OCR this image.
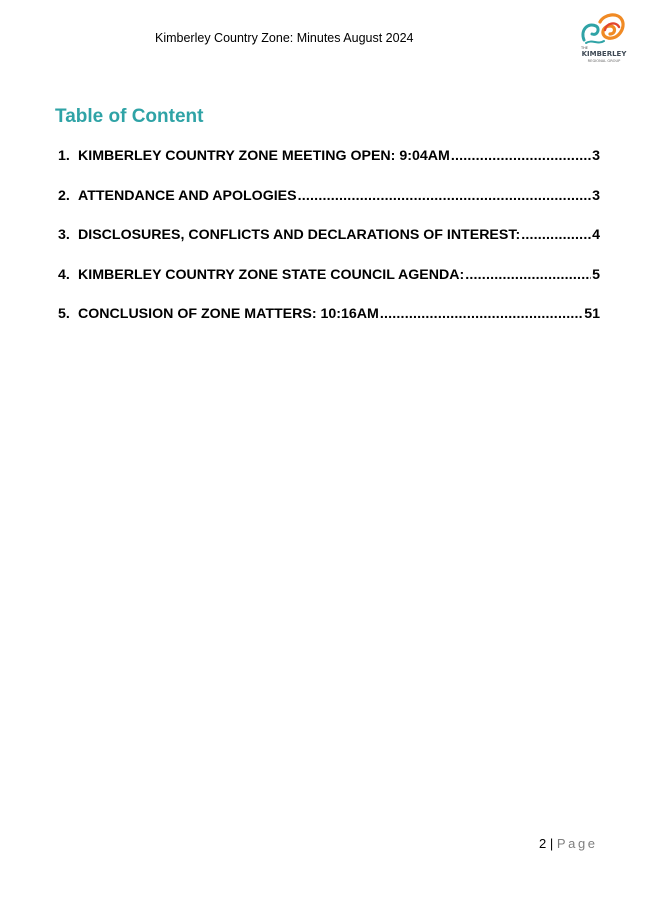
Kimberley Country Zone: Minutes August 2024
THE
KIMBERLEY
REGIONAL GROUP
Table of Content
1. KIMBERLEY COUNTRY ZONE MEETING OPEN: 9:04AM .....	3
2. ATTENDANCE AND APOLOGIES .....	3
3. DISCLOSURES, CONFLICTS AND DECLARATIONS OF INTEREST: .....	4
4. KIMBERLEY COUNTRY ZONE STATE COUNCIL AGENDA: .....	5
5. CONCLUSION OF ZONE MATTERS: 10:16AM .....	51
2 | Page
